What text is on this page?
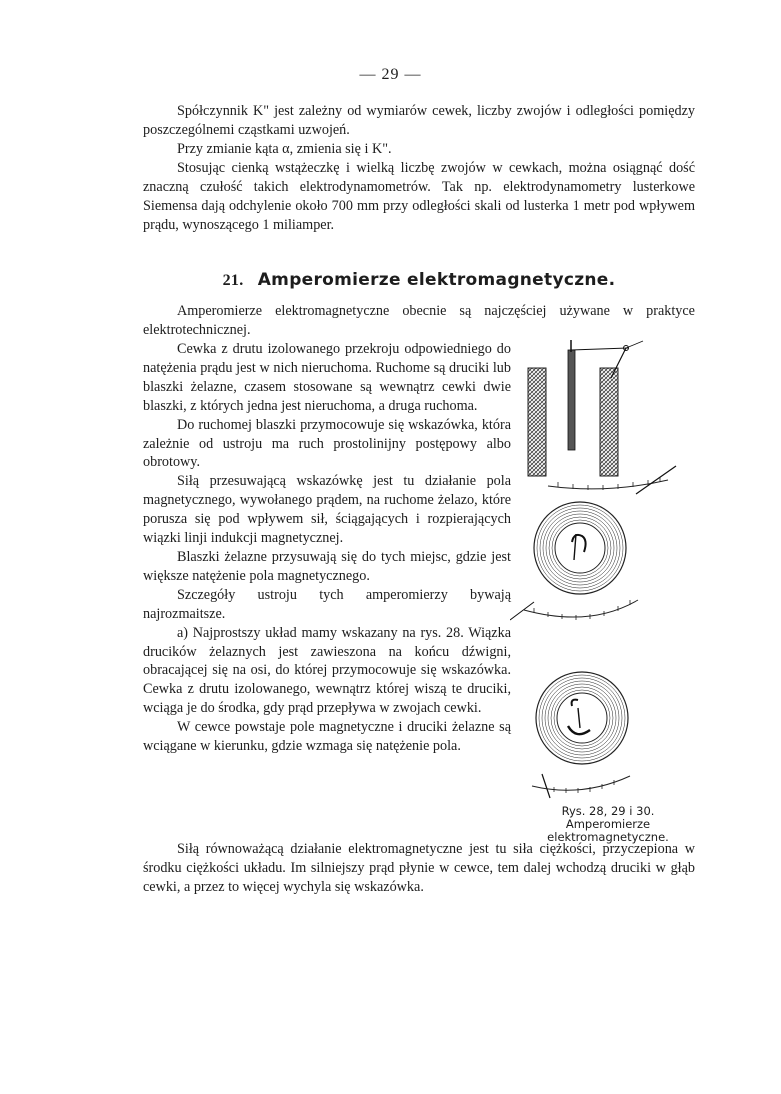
— 29 —

Spółczynnik K" jest zależny od wymiarów cewek, liczby zwojów i odległości pomiędzy poszczególnemi cząstkami uzwojeń.

Przy zmianie kąta α, zmienia się i K".

Stosując cienką wstążeczkę i wielką liczbę zwojów w cewkach, można osiągnąć dość znaczną czułość takich elektrodynamometrów. Tak np. elektrodynamometry lusterkowe Siemensa dają odchylenie około 700 mm przy odległości skali od lusterka 1 metr pod wpływem prądu, wynoszącego 1 miliamper.

21. Amperomierze elektromagnetyczne.

Amperomierze elektromagnetyczne obecnie są najczęściej używane w praktyce elektrotechnicznej.

Cewka z drutu izolowanego przekroju odpowiedniego do natężenia prądu jest w nich nieruchoma. Ruchome są druciki lub blaszki żelazne, czasem stosowane są wewnątrz cewki dwie blaszki, z których jedna jest nieruchoma, a druga ruchoma.

Do ruchomej blaszki przymocowuje się wskazówka, która zależnie od ustroju ma ruch prostolinijny postępowy albo obrotowy.

Siłą przesuwającą wskazówkę jest tu działanie pola magnetycznego, wywołanego prądem, na ruchome żelazo, które porusza się pod wpływem sił, ściągających i rozpierających wiązki linji indukcji magnetycznej.

Blaszki żelazne przysuwają się do tych miejsc, gdzie jest większe natężenie pola magnetycznego.

Szczegóły ustroju tych amperomierzy bywają najrozmaitsze.

a) Najprostszy układ mamy wskazany na rys. 28. Wiązka drucików żelaznych jest zawieszona na końcu dźwigni, obracającej się na osi, do której przymocowuje się wskazówka. Cewka z drutu izolowanego, wewnątrz której wiszą te druciki, wciąga je do środka, gdy prąd przepływa w zwojach cewki.

W cewce powstaje pole magnetyczne i druciki żelazne są wciągane w kierunku, gdzie wzmaga się natężenie pola.

Siłą równoważącą działanie elektromagnetyczne jest tu siła ciężkości, przyczepiona w środku ciężkości układu. Im silniejszy prąd płynie w cewce, tem dalej wchodzą druciki w głąb cewki, a przez to więcej wychyla się wskazówka.

Rys. 28, 29 i 30. Amperomierze elektromagnetyczne.
